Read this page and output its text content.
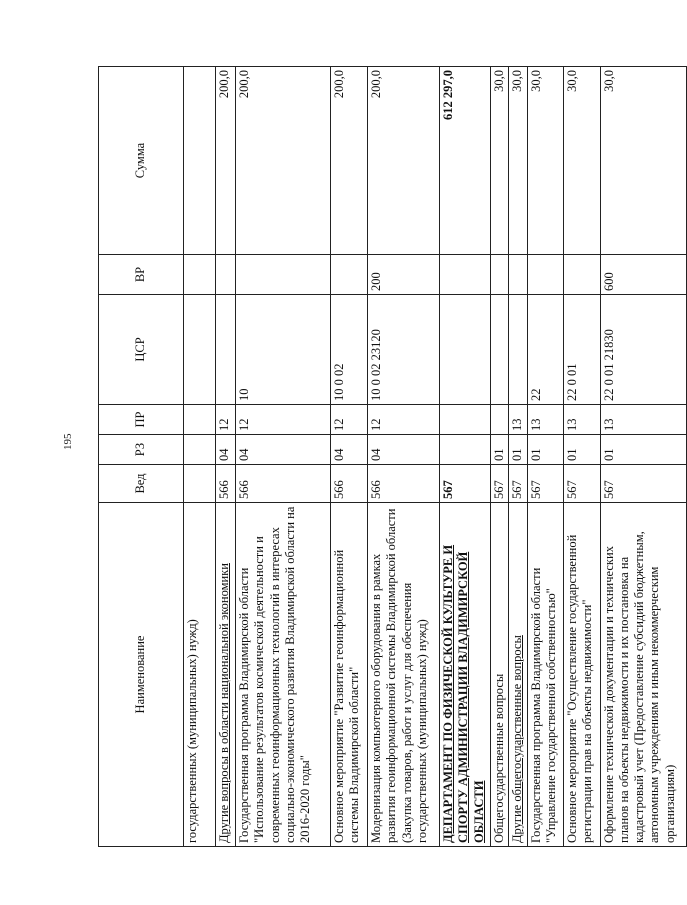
195
Наименование	Вед	РЗ	ПР	ЦСР	ВР	Сумма
государственных (муниципальных) нужд)						
Другие вопросы в области национальной экономики	566	04	12			200,0
Государственная программа Владимирской области "Использование результатов космической деятельности и современных геоинформационных технологий в интересах социально-экономического развития Владимирской области на 2016-2020 годы"	566	04	12	10		200,0
Основное мероприятие "Развитие геоинформационной системы Владимирской области"	566	04	12	10 0 02		200,0
Модернизация компьютерного оборудования в рамках развития геоинформационной системы Владимирской области (Закупка товаров, работ и услуг для обеспечения государственных (муниципальных) нужд)	566	04	12	10 0 02 23120	200	200,0
ДЕПАРТАМЕНТ ПО ФИЗИЧЕСКОЙ КУЛЬТУРЕ И СПОРТУ АДМИНИСТРАЦИИ ВЛАДИМИРСКОЙ ОБЛАСТИ	567					612 297,0
Общегосударственные вопросы	567	01				30,0
Другие общегосударственные вопросы	567	01	13			30,0
Государственная программа Владимирской области "Управление государственной собственностью"	567	01	13	22		30,0
Основное мероприятие "Осуществление государственной регистрации прав на объекты недвижимости"	567	01	13	22 0 01		30,0
Оформление технической документации и технических планов на объекты недвижимости и их постановка на кадастровый учет (Предоставление субсидий бюджетным, автономным учреждениям и иным некоммерческим организациям)	567	01	13	22 0 01 21830	600	30,0
